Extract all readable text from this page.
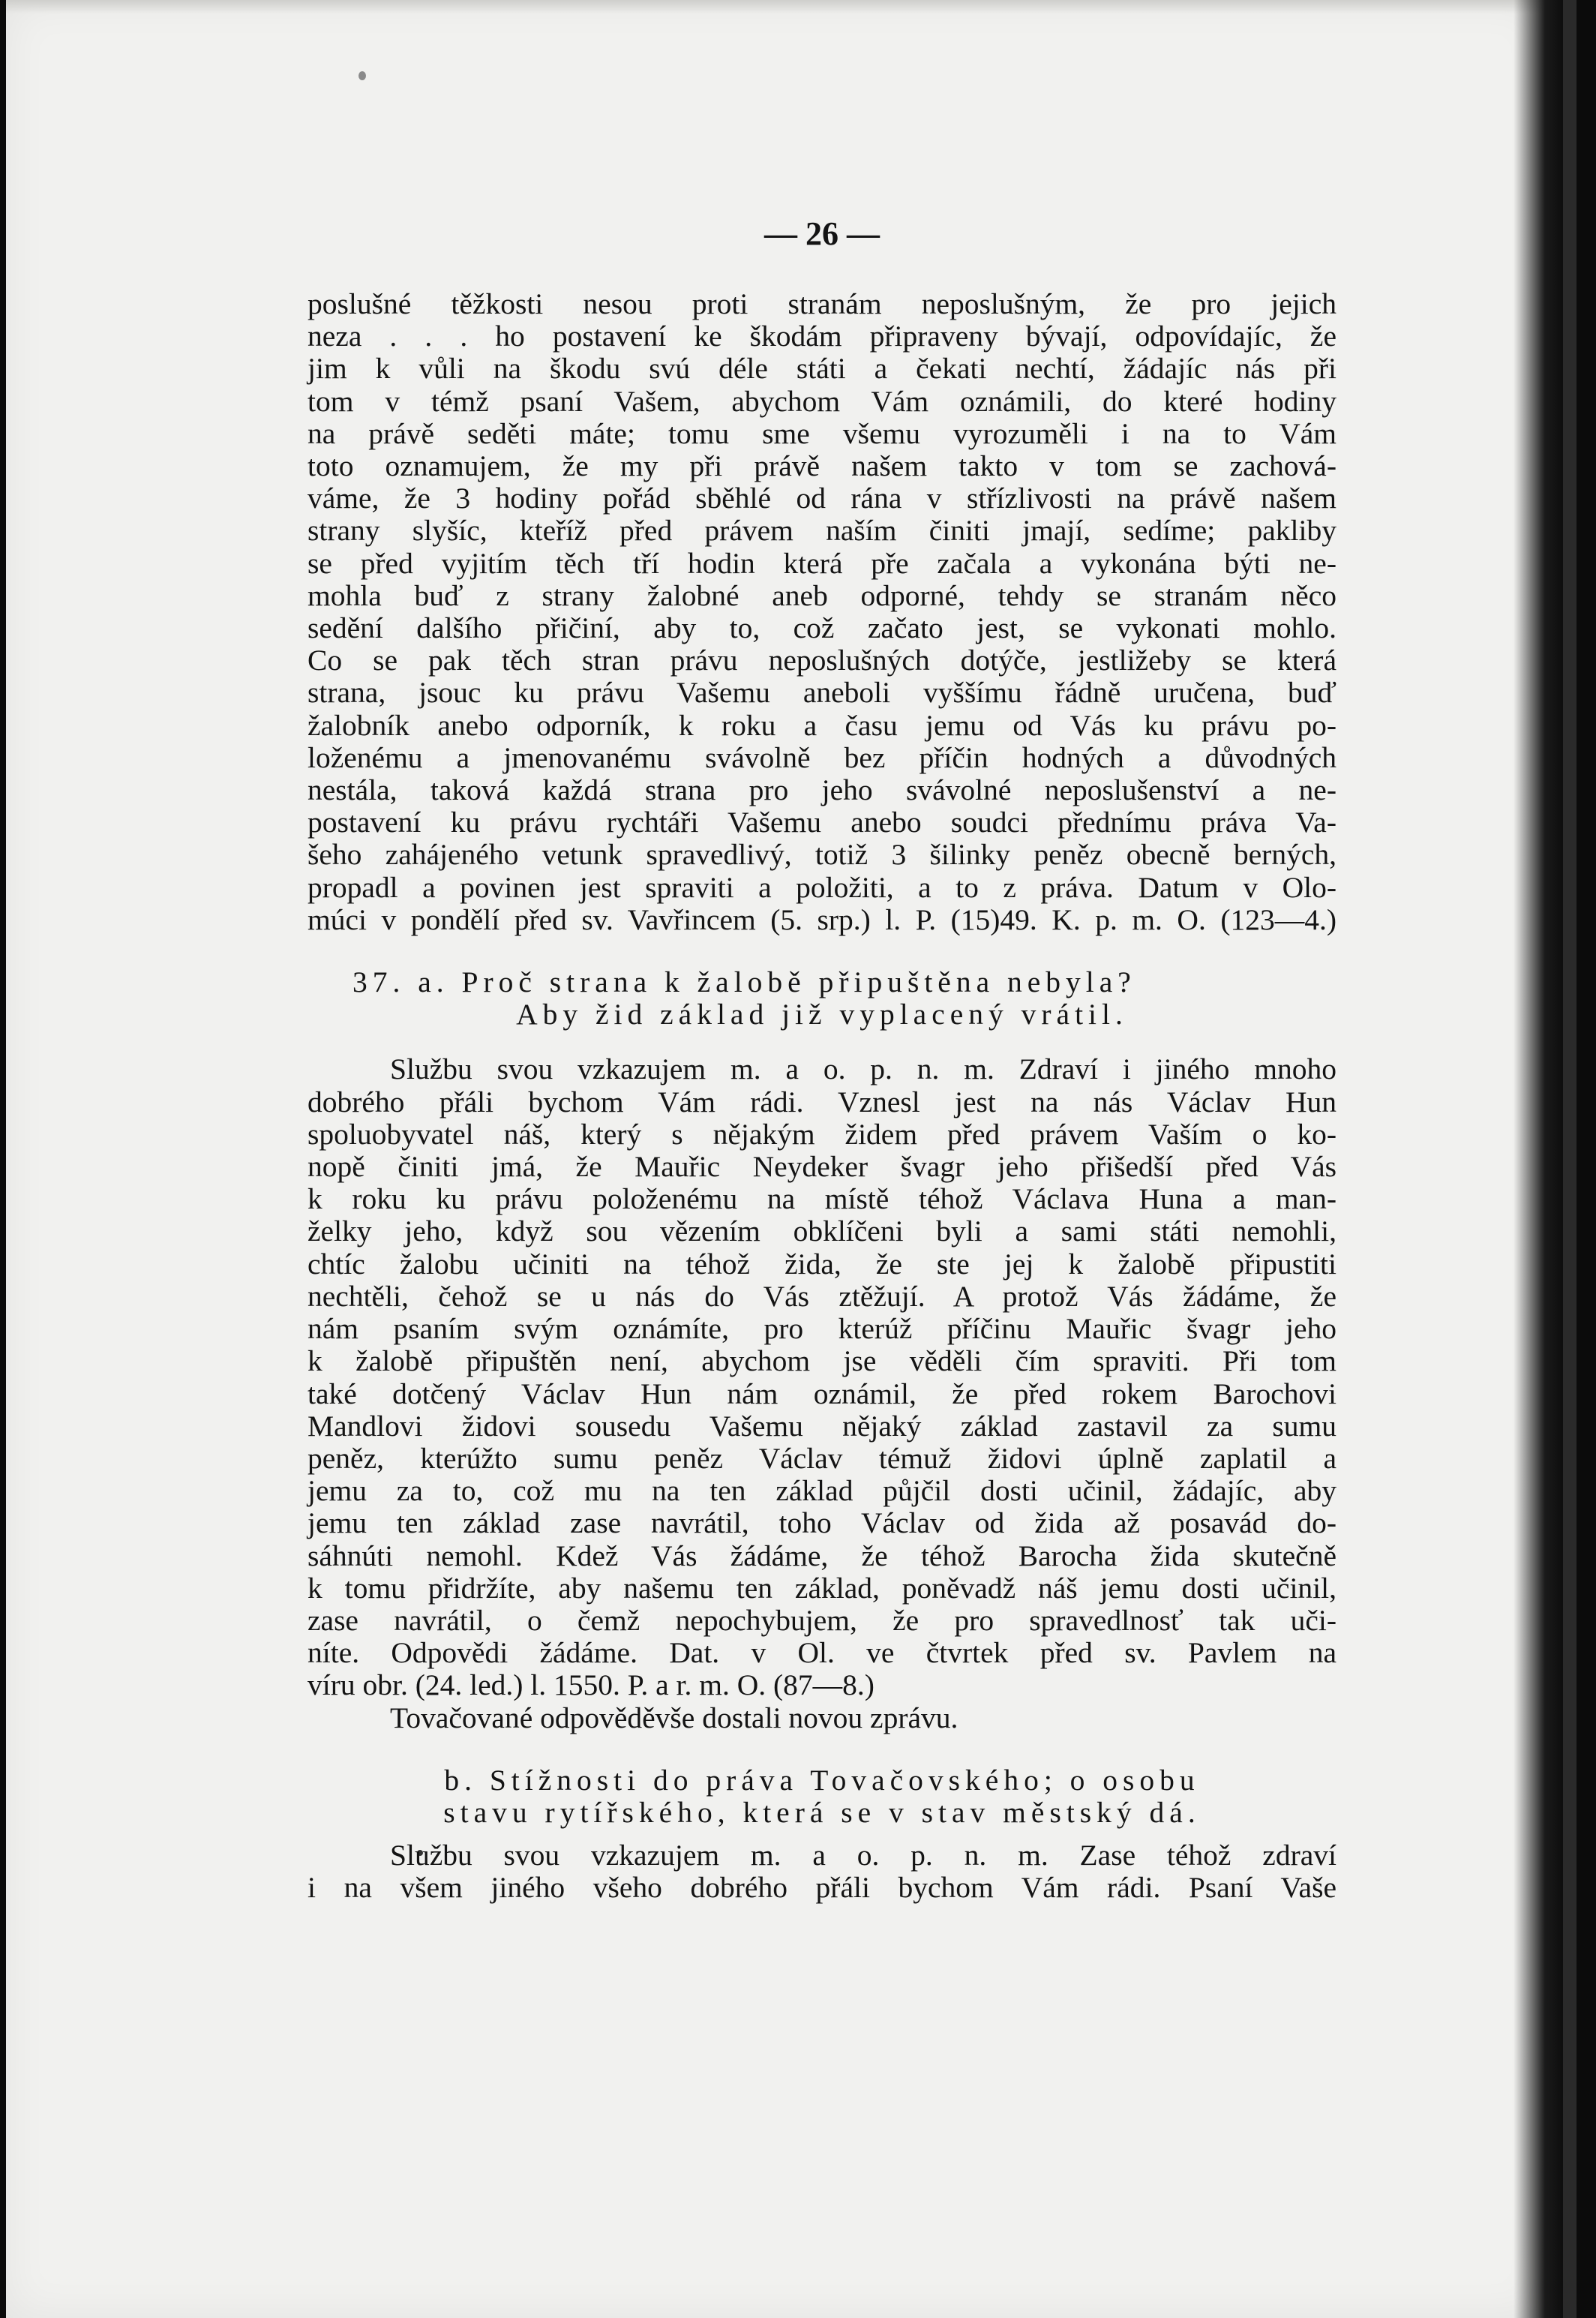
— 26 —

poslušné těžkosti nesou proti stranám neposlušným, že pro jejich

neza . . . ho postavení ke škodám připraveny bývají, odpovídajíc, že

jim k vůli na škodu svú déle státi a čekati nechtí, žádajíc nás při

tom v témž psaní Vašem, abychom Vám oznámili, do které hodiny

na právě seděti máte; tomu sme všemu vyrozuměli i na to Vám

toto oznamujem, že my při právě našem takto v tom se zachová-

váme, že 3 hodiny pořád sběhlé od rána v střízlivosti na právě našem

strany slyšíc, kteříž před právem naším činiti jmají, sedíme; pakliby

se před vyjitím těch tří hodin která pře začala a vykonána býti ne-

mohla buď z strany žalobné aneb odporné, tehdy se stranám něco

sedění dalšího přičiní, aby to, což začato jest, se vykonati mohlo.

Co se pak těch stran právu neposlušných dotýče, jestližeby se která

strana, jsouc ku právu Vašemu aneboli vyššímu řádně uručena, buď

žalobník anebo odporník, k roku a času jemu od Vás ku právu po-

loženému a jmenovanému svávolně bez příčin hodných a důvodných

nestála, taková každá strana pro jeho svávolné neposlušenství a ne-

postavení ku právu rychtáři Vašemu anebo soudci přednímu práva Va-

šeho zahájeného vetunk spravedlivý, totiž 3 šilinky peněz obecně berných,

propadl a povinen jest spraviti a položiti, a to z práva. Datum v Olo-

múci v pondělí před sv. Vavřincem (5. srp.) l. P. (15)49. K. p. m. O. (123—4.)

37. a. Proč strana k žalobě připuštěna nebyla?

Aby žid základ již vyplacený vrátil.

Službu svou vzkazujem m. a o. p. n. m. Zdraví i jiného mnoho

dobrého přáli bychom Vám rádi. Vznesl jest na nás Václav Hun

spoluobyvatel náš, který s nějakým židem před právem Vaším o ko-

nopě činiti jmá, že Mauřic Neydeker švagr jeho přišedší před Vás

k roku ku právu položenému na místě téhož Václava Huna a man-

želky jeho, když sou vězením obklíčeni byli a sami státi nemohli,

chtíc žalobu učiniti na téhož žida, že ste jej k žalobě připustiti

nechtěli, čehož se u nás do Vás ztěžují. A protož Vás žádáme, že

nám psaním svým oznámíte, pro kterúž příčinu Mauřic švagr jeho

k žalobě připuštěn není, abychom jse věděli čím spraviti. Při tom

také dotčený Václav Hun nám oznámil, že před rokem Barochovi

Mandlovi židovi sousedu Vašemu nějaký základ zastavil za sumu

peněz, kterúžto sumu peněz Václav témuž židovi úplně zaplatil a

jemu za to, což mu na ten základ půjčil dosti učinil, žádajíc, aby

jemu ten základ zase navrátil, toho Václav od žida až posavád do-

sáhnúti nemohl. Kdež Vás žádáme, že téhož Barocha žida skutečně

k tomu přidržíte, aby našemu ten základ, poněvadž náš jemu dosti učinil,

zase navrátil, o čemž nepochybujem, že pro spravedlnosť tak uči-

níte. Odpovědi žádáme. Dat. v Ol. ve čtvrtek před sv. Pavlem na

víru obr. (24. led.) l. 1550. P. a r. m. O. (87—8.)

Tovačované odpověděvše dostali novou zprávu.

b. Stížnosti do práva Tovačovského; o osobu

stavu rytířského, která se v stav městský dá.

Službu svou vzkazujem m. a o. p. n. m. Zase téhož zdraví

i na všem jiného všeho dobrého přáli bychom Vám rádi. Psaní Vaše
